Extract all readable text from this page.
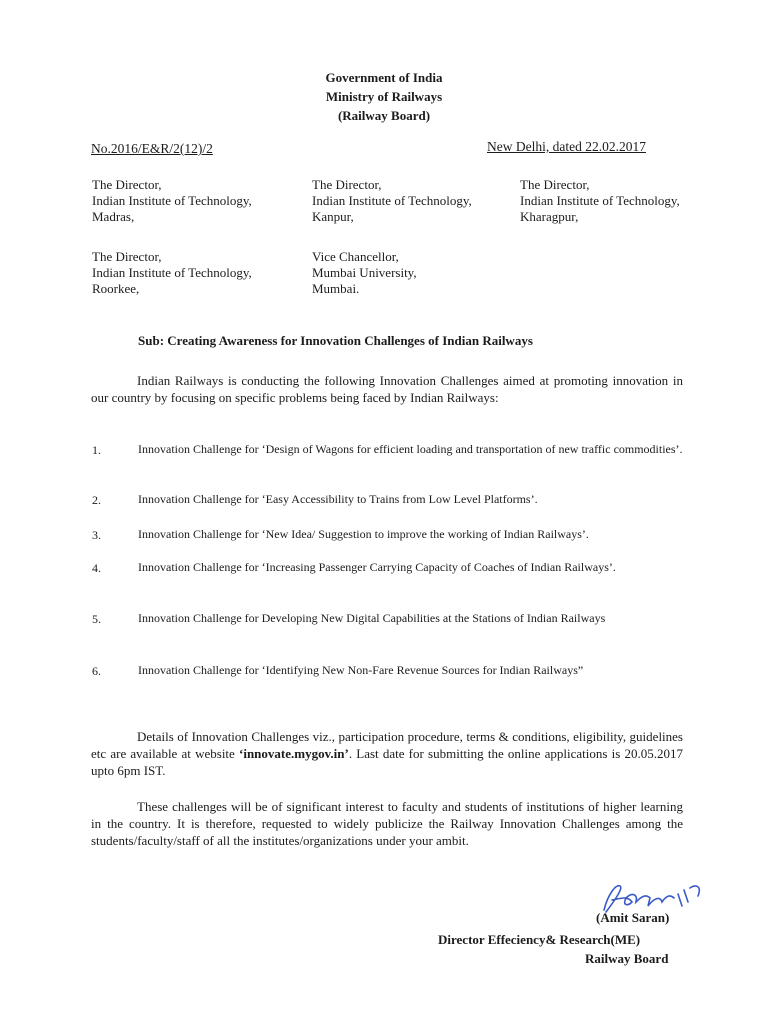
Government of India
Ministry of Railways
(Railway Board)
No.2016/E&R/2(12)/2	New Delhi, dated 22.02.2017
The Director,
Indian Institute of Technology,
Madras,
The Director,
Indian Institute of Technology,
Kanpur,
The Director,
Indian Institute of Technology,
Kharagpur,
The Director,
Indian Institute of Technology,
Roorkee,
Vice Chancellor,
Mumbai University,
Mumbai.
Sub: Creating Awareness for Innovation Challenges of Indian Railways
Indian Railways is conducting the following Innovation Challenges aimed at promoting innovation in our country by focusing on specific problems being faced by Indian Railways:
1.	Innovation Challenge for ‘Design of Wagons for efficient loading and transportation of new traffic commodities’.
2.	Innovation Challenge for ‘Easy Accessibility to Trains from Low Level Platforms’.
3.	Innovation Challenge for ‘New Idea/ Suggestion to improve the working of Indian Railways’.
4.	Innovation Challenge for ‘Increasing Passenger Carrying Capacity of Coaches of Indian Railways’.
5.	Innovation Challenge for Developing New Digital Capabilities at the Stations of Indian Railways
6.	Innovation Challenge for ‘Identifying New Non-Fare Revenue Sources for Indian Railways”
Details of Innovation Challenges viz., participation procedure, terms & conditions, eligibility, guidelines etc are available at website ‘innovate.mygov.in’. Last date for submitting the online applications is 20.05.2017 upto 6pm IST.
These challenges will be of significant interest to faculty and students of institutions of higher learning in the country. It is therefore, requested to widely publicize the Railway Innovation Challenges among the students/faculty/staff of all the institutes/organizations under your ambit.
(Amit Saran)
Director Effeciency& Research(ME)
Railway Board
